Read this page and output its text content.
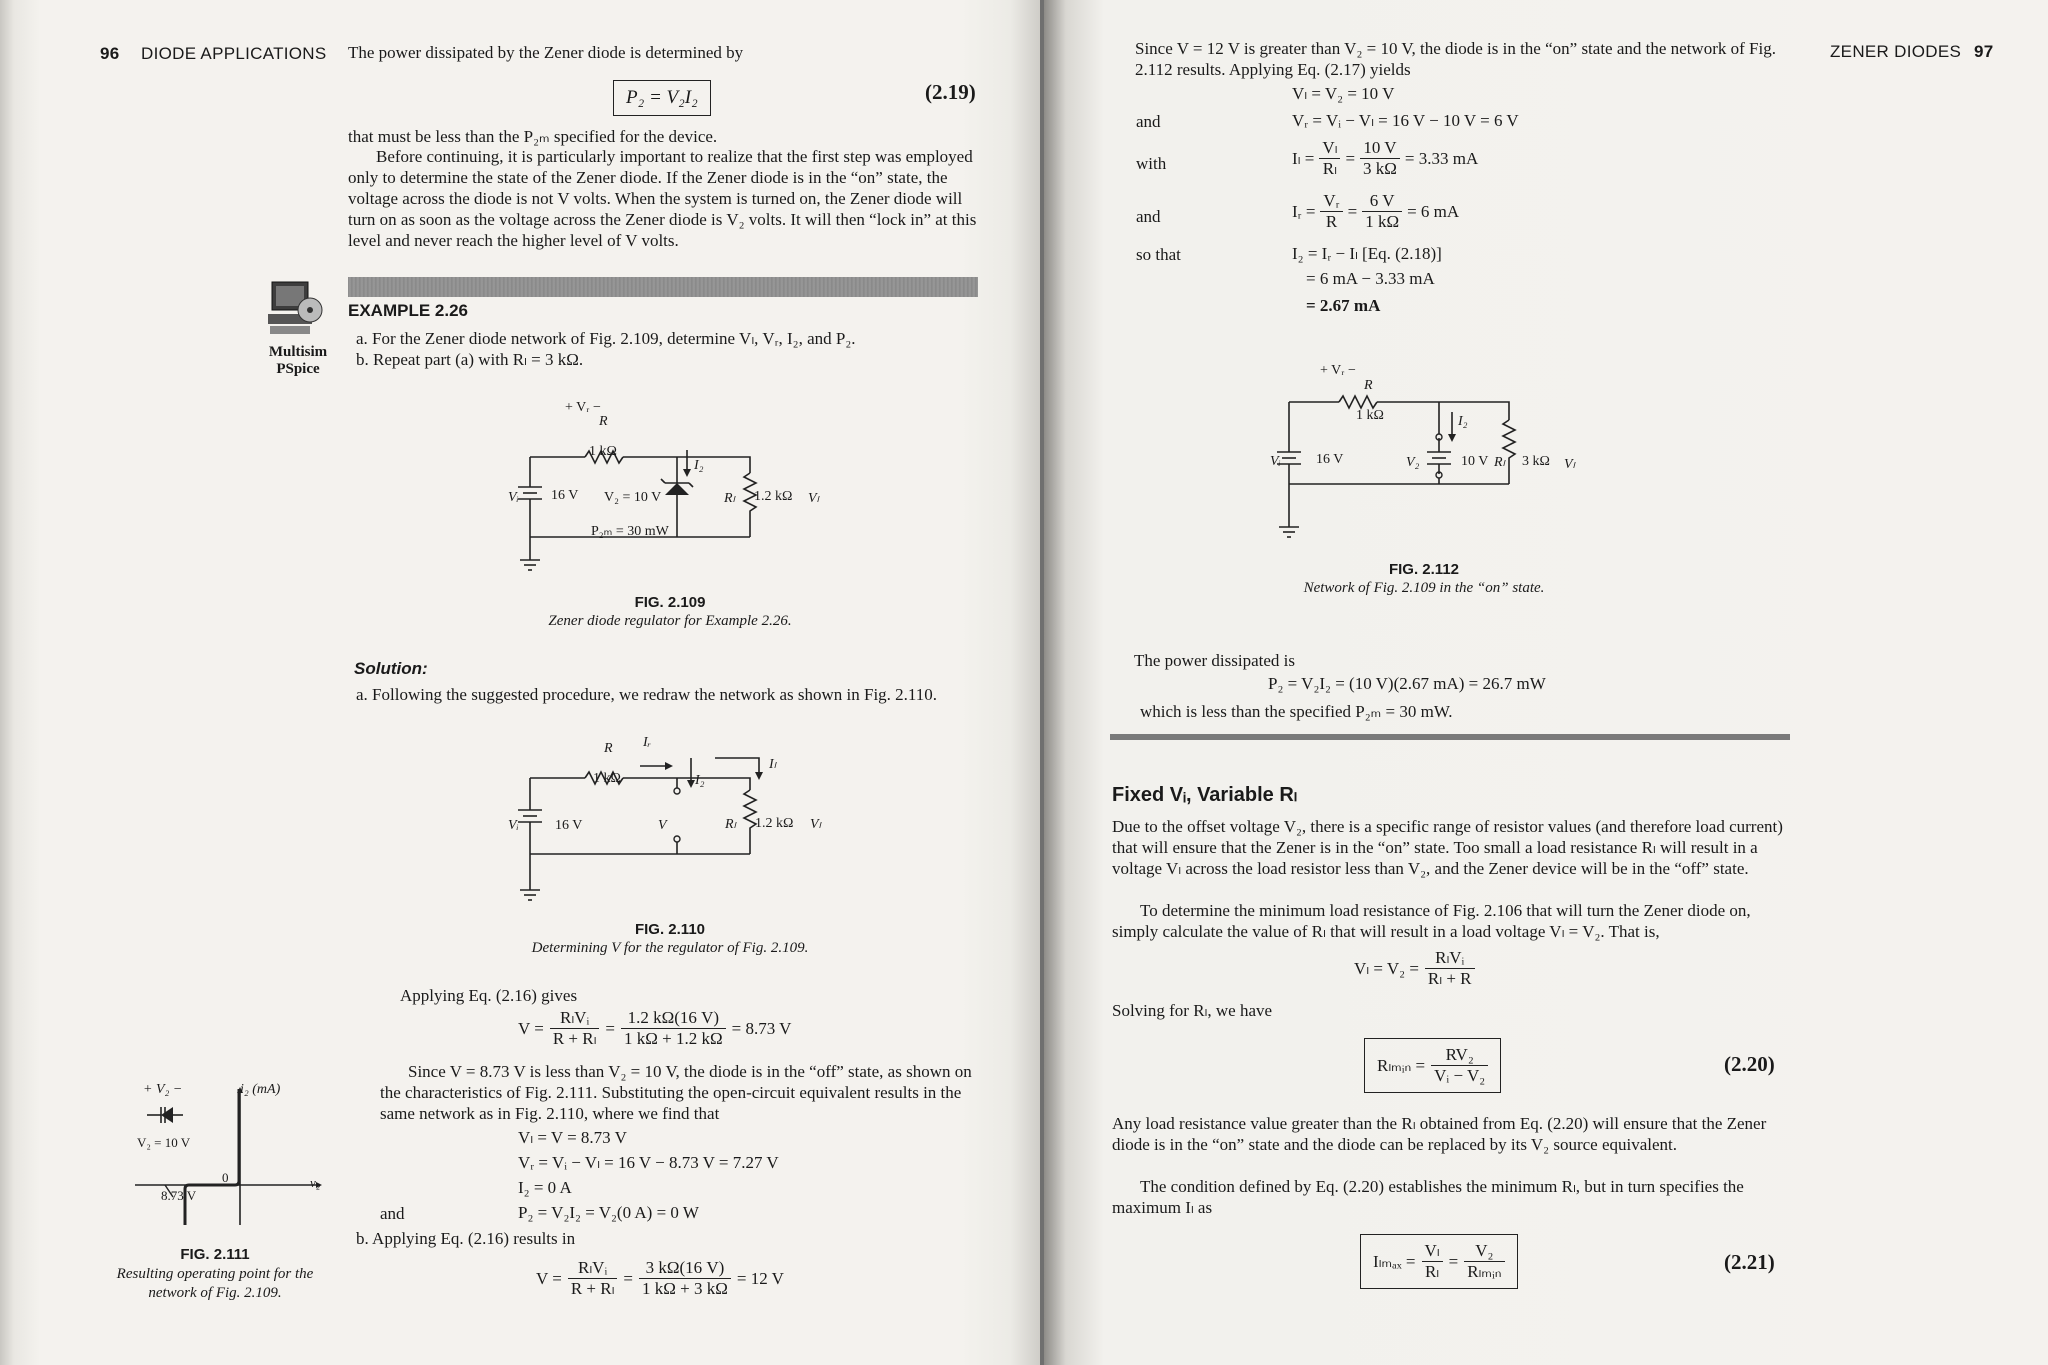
96 DIODE APPLICATIONS The power dissipated by the Zener diode is determined by
P₂ = V₂I₂	(2.19)
that must be less than the P₂ₘ specified for the device.
Before continuing, it is particularly important to realize that the first step was employed only to determine the state of the Zener diode. If the Zener diode is in the “on” state, the voltage across the diode is not V volts. When the system is turned on, the Zener diode will turn on as soon as the voltage across the Zener diode is V₂ volts. It will then “lock in” at this level and never reach the higher level of V volts.
Multisim
PSpice
EXAMPLE 2.26
a. For the Zener diode network of Fig. 2.109, determine Vₗ, Vᵣ, I₂, and P₂.
b. Repeat part (a) with Rₗ = 3 kΩ.
+ Vᵣ −
R
1 kΩ
Vᵢ 16 V V₂ = 10 V
P₂ₘ = 30 mW
I₂
Rₗ 1.2 kΩ Vₗ
FIG. 2.109
Zener diode regulator for Example 2.26.
Solution:
a. Following the suggested procedure, we redraw the network as shown in Fig. 2.110.
R Iᵣ
1 kΩ
Iₗ
I₂
Vᵢ	16 V	V	Rₗ 1.2 kΩ Vₗ
FIG. 2.110
Determining V for the regulator of Fig. 2.109.
Applying Eq. (2.16) gives
$V = \frac{\text{RₗVᵢ}}{\text{R + Rₗ}} = \frac{1.2 k\Omega(16 V)}{1 k\Omega + 1.2 k\Omega} = 8.73$ V
Since V = 8.73 V is less than V₂ = 10 V, the diode is in the “off” state, as shown on the characteristics of Fig. 2.111. Substituting the open-circuit equivalent results in the same network as in Fig. 2.110, where we find that
Vₗ = V = 8.73 V
Vᵣ = Vᵢ − Vₗ = 16 V − 8.73 V = 7.27 V
I₂ = 0 A
and	P₂ = V₂I₂ = V₂(0 A) = 0 W
b. Applying Eq. (2.16) results in
$V = \frac{\text{RₗVᵢ}}{\text{R + Rₗ}} = \frac{3 k\Omega(16 V)}{1 k\Omega + 3 k\Omega} = 12$ V
+ V₂ −	i₂ (mA)
V₂ = 10 V
8.73 V
0	v₂
FIG. 2.111
Resulting operating point for the network of Fig. 2.109.
ZENER DIODES 97
Since V = 12 V is greater than V₂ = 10 V, the diode is in the “on” state and the network of Fig. 2.112 results. Applying Eq. (2.17) yields
Vₗ = V₂ = 10 V
and	Vᵣ = Vᵢ − Vₗ = 16 V − 10 V = 6 V
with	$I_l = \frac{\text{Vₗ}}{\text{Rₗ}} = \frac{10 V}{3 k\Omega} = 3.33$ mA
and	Iᵣ = $\frac{\text{Vᵣ}}{R} = \frac{6 V}{1 k\Omega} = 6$ mA
so that	I₂ = Iᵣ − Iₗ [Eq. (2.18)]
= 6 mA − 3.33 mA
= 2.67 mA
+ Vᵣ −
R
1 kΩ	I₂
Vᵢ	16 V	V₂	10 V Rₗ 3 kΩ Vₗ
FIG. 2.112
Network of Fig. 2.109 in the “on” state.
The power dissipated is
P₂ = V₂I₂ = (10 V)(2.67 mA) = 26.7 mW
which is less than the specified P₂ₘ = 30 mW.
Fixed Vᵢ, Variable Rₗ
Due to the offset voltage V₂, there is a specific range of resistor values (and therefore load current) that will ensure that the Zener is in the “on” state. Too small a load resistance Rₗ will result in a voltage Vₗ across the load resistor less than V₂, and the Zener device will be in the “off” state.
To determine the minimum load resistance of Fig. 2.106 that will turn the Zener diode on, simply calculate the value of Rₗ that will result in a load voltage Vₗ = V₂. That is,
$V_l = V_2 = \frac{\text{RₗVᵢ}}{\text{Rₗ + R}}$
Solving for Rₗ, we have
Rₗₘᵢₙ = $\frac{\text{RV₂}}{\text{Vᵢ − V₂}}$	(2.20)
Any load resistance value greater than the Rₗ obtained from Eq. (2.20) will ensure that the Zener diode is in the “on” state and the diode can be replaced by its V₂ source equivalent.
The condition defined by Eq. (2.20) establishes the minimum Rₗ, but in turn specifies the maximum Iₗ as
$I_{lmax} = \frac{\text{Vₗ}}{\text{Rₗ}} = \frac{\text{V₂}}{\text{Rₗₘᵢₙ}}$	(2.21)
